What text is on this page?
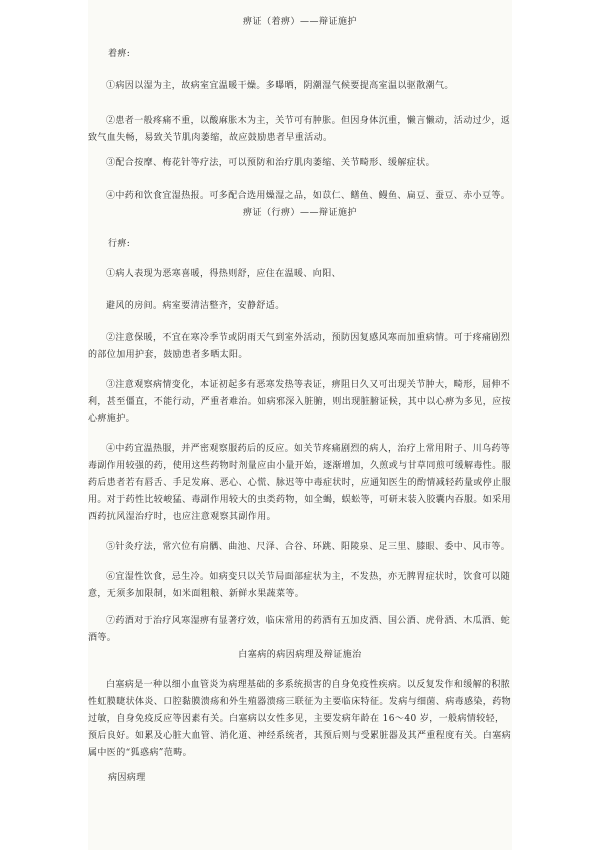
痹证（着痹）——辩证施护

着痹:

①病因以湿为主，故病室宜温暖干燥。多曝晒，阴潮湿气候要提高室温以驱散潮气。

②患者一般疼痛不重，以酸麻胀木为主，关节可有肿胀。但因身体沉重，懒言懒动，活动过少，返致气血失畅，易致关节肌肉萎缩，故应鼓励患者早重活动。

③配合按摩、梅花针等疗法，可以预防和治疗肌肉萎缩、关节畸形、缓解症状。

④中药和饮食宜湿热报。可多配合选用燥湿之品，如苡仁、鳝鱼、鳗鱼、扁豆、蚕豆、赤小豆等。

痹证（行痹）——辩证施护

行痹:

①病人表现为恶寒喜暖，得热则舒，应住在温暖、向阳、

避风的房间。病室要清洁整齐，安静舒适。

②注意保暖，不宜在寒冷季节或阴雨天气到室外活动，预防因复感风寒而加重病情。可于疼痛剧烈的部位加用护套，鼓励患者多晒太阳。

③注意观察病情变化，本证初起多有恶寒发热等表证，痹阻日久又可出现关节肿大，畸形，屈伸不利，甚至僵直，不能行动，严重者难治。如病邪深入脏腑，则出现脏腑证候，其中以心痹为多见，应按心痹施护。

④中药宜温热服，并严密观察服药后的反应。如关节疼痛剧烈的病人，治疗上常用附子、川乌药等毒副作用较强的药，使用这些药物时剂量应由小量开始，逐渐增加，久煎或与甘草同煎可缓解毒性。服药后患者若有唇舌、手足发麻、恶心、心慌、脉迟等中毒症状时，应通知医生的酌情减轻药量或停止服用。对于药性比较峻猛、毒副作用较大的虫类药物，如全蝎，蜈蚣等，可研末装入胶囊内吞服。如采用西药抗风湿治疗时，也应注意观察其副作用。

⑤针灸疗法，常穴位有肩髃、曲池、尺泽、合谷、环跳、阳陵泉、足三里、膝眼、委中、风市等。

⑥宜湿性饮食，忌生冷。如病变只以关节局面部症状为主，不发热，亦无脾胃症状时，饮食可以随意，无须多加限制，如米面粗粮、新鲜水果蔬菜等。

⑦药酒对于治疗风寒湿痹有显著疗效，临床常用的药酒有五加皮酒、国公酒、虎骨酒、木瓜酒、蛇酒等。

白塞病的病因病理及辩证施治

白塞病是一种以细小血管炎为病理基础的多系统损害的自身免疫性疾病。以反复发作和缓解的积脓性虹膜睫状体炎、口腔黏膜溃疡和外生殖器溃疡三联征为主要临床特征。发病与细菌、病毒感染，药物过敏，自身免疫反应等因素有关。白塞病以女性多见，主要发病年龄在 16～40 岁，一般病情较轻，预后良好。如累及心脏大血管、消化道、神经系统者，其预后则与受累脏器及其严重程度有关。白塞病属中医的“狐惑病”范畴。

病因病理
